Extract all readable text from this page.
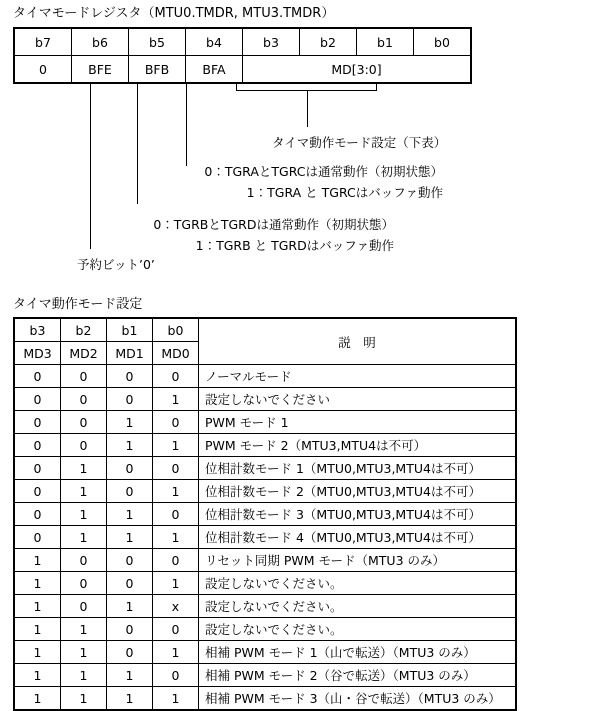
タイマモードレジスタ（MTU0.TMDR, MTU3.TMDR）
b7	b6	b5	b4	b3	b2	b1	b0
0	BFE	BFB	BFA	MD[3:0]			
タイマ動作モード設定（下表）
0：TGRAとTGRCは通常動作（初期状態）
1：TGRA と TGRCはバッファ動作
0：TGRBとTGRDは通常動作（初期状態）
1：TGRB と TGRDはバッファ動作
予約ビット’0’
タイマ動作モード設定
b3	b2	b1	b0	説　明
MD3	MD2	MD1	MD0	
0	0	0	0	ノーマルモード
0	0	0	1	設定しないでください
0	0	1	0	PWM モード 1
0	0	1	1	PWM モード 2（MTU3,MTU4は不可）
0	1	0	0	位相計数モード 1（MTU0,MTU3,MTU4は不可）
0	1	0	1	位相計数モード 2（MTU0,MTU3,MTU4は不可）
0	1	1	0	位相計数モード 3（MTU0,MTU3,MTU4は不可）
0	1	1	1	位相計数モード 4（MTU0,MTU3,MTU4は不可）
1	0	0	0	リセット同期 PWM モード（MTU3 のみ）
1	0	0	1	設定しないでください。
1	0	1	x	設定しないでください。
1	1	0	0	設定しないでください。
1	1	0	1	相補 PWM モード 1（山で転送）（MTU3 のみ）
1	1	1	0	相補 PWM モード 2（谷で転送）（MTU3 のみ）
1	1	1	1	相補 PWM モード 3（山・谷で転送）（MTU3 のみ）
